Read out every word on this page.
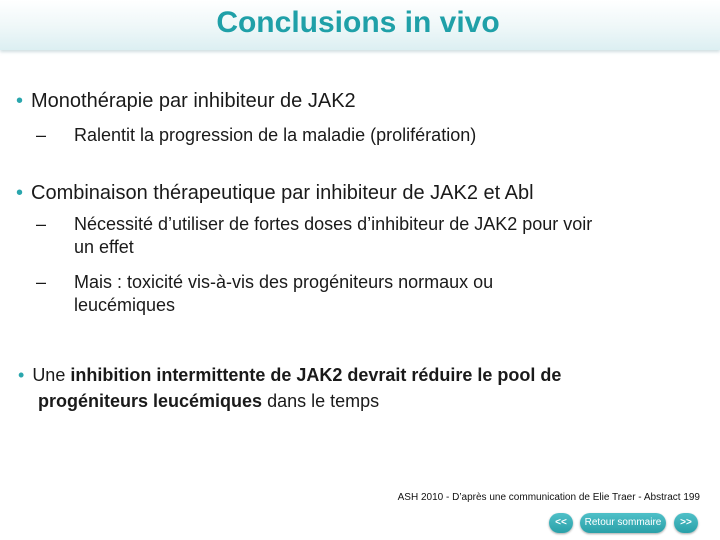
Conclusions in vivo
• Monothérapie par inhibiteur de JAK2
– Ralentit la progression de la maladie (prolifération)
• Combinaison thérapeutique par inhibiteur de JAK2 et Abl
– Nécessité d’utiliser de fortes doses d’inhibiteur de JAK2 pour voir
un effet
– Mais : toxicité vis-à-vis des progéniteurs normaux ou
leucémiques
• Une inhibition intermittente de JAK2 devrait réduire le pool de
progéniteurs leucémiques dans le temps
ASH 2010 - D’après une communication de Elie Traer - Abstract 199
<<	Retour sommaire	>>
